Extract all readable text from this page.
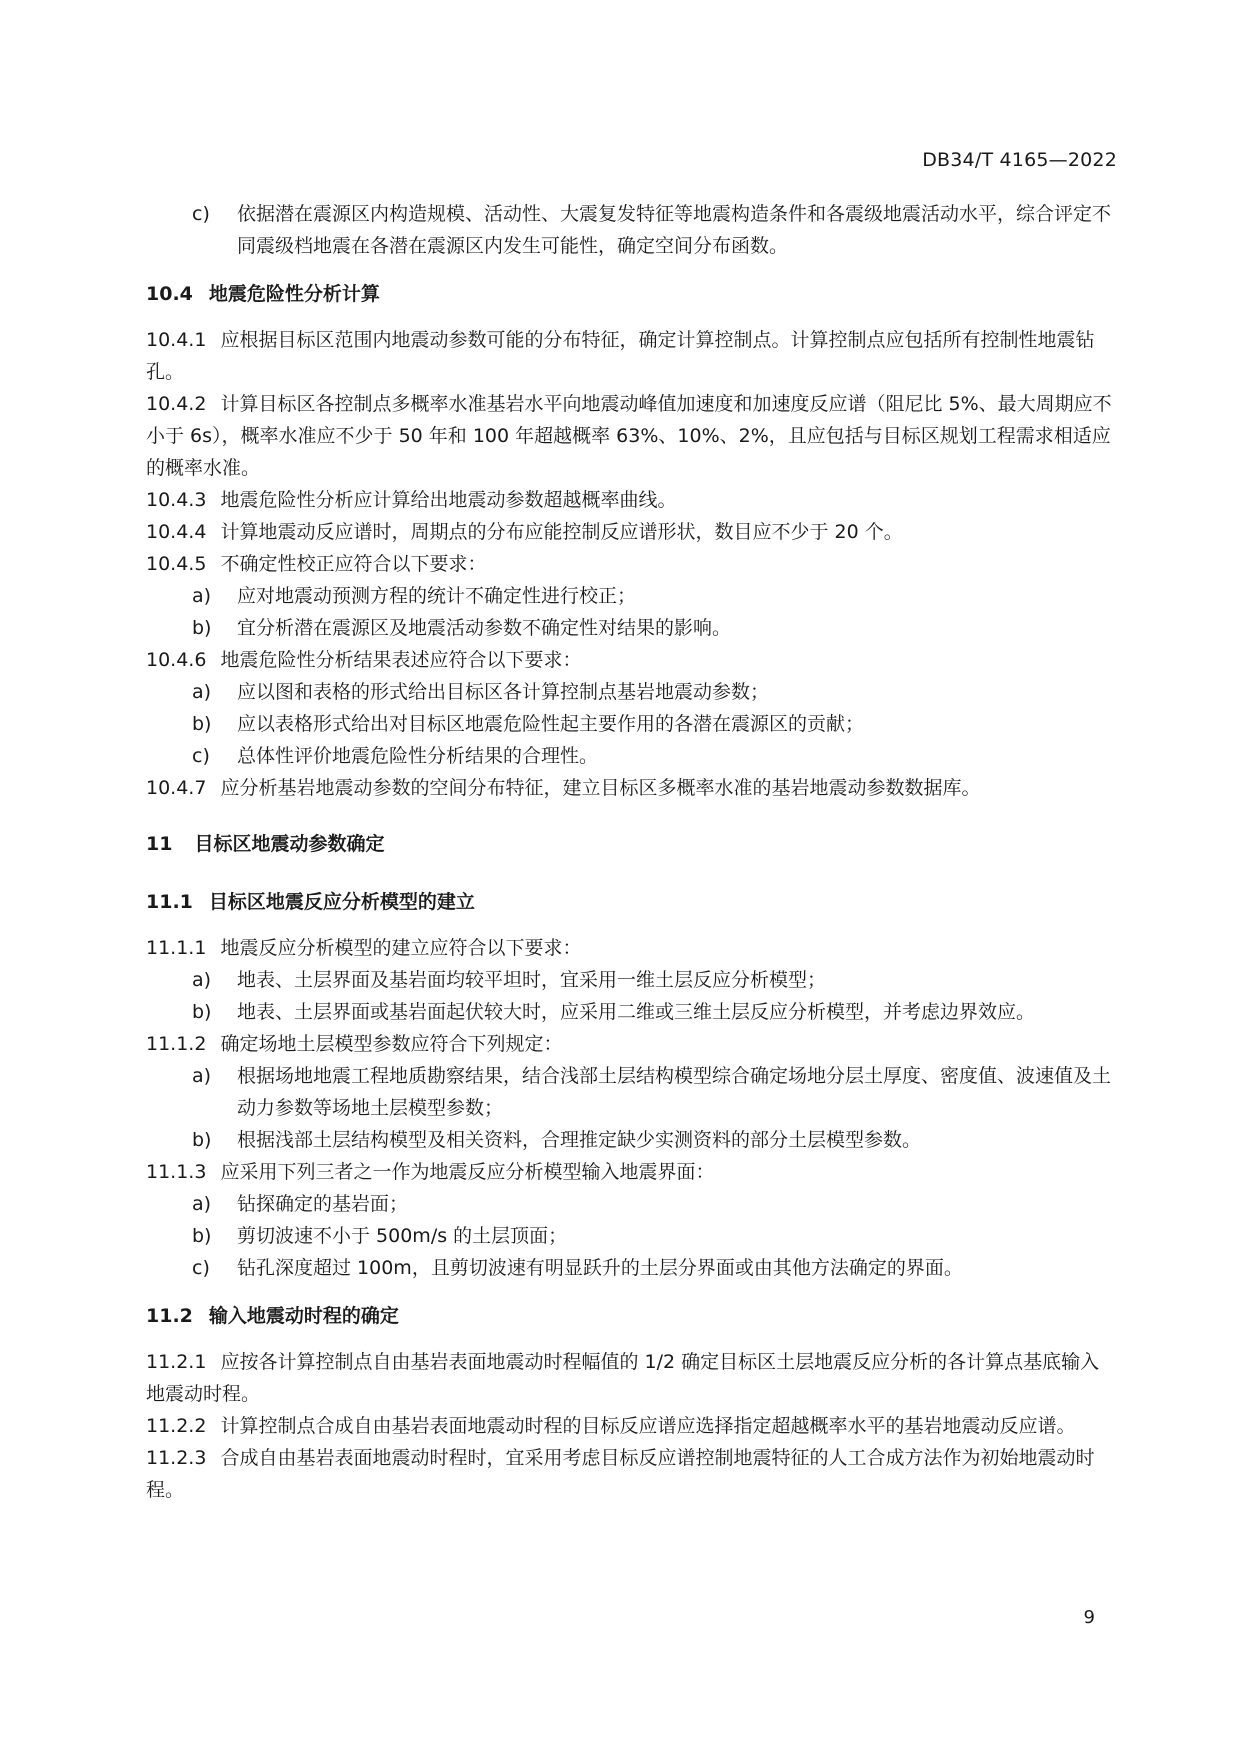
DB34/T 4165—2022
c) 依据潜在震源区内构造规模、活动性、大震复发特征等地震构造条件和各震级地震活动水平，综合评定不同震级档地震在各潜在震源区内发生可能性，确定空间分布函数。
10.4 地震危险性分析计算
10.4.1 应根据目标区范围内地震动参数可能的分布特征，确定计算控制点。计算控制点应包括所有控制性地震钻孔。
10.4.2 计算目标区各控制点多概率水准基岩水平向地震动峰值加速度和加速度反应谱（阻尼比 5%、最大周期应不小于 6s），概率水准应不少于 50 年和 100 年超越概率 63%、10%、2%，且应包括与目标区规划工程需求相适应的概率水准。
10.4.3 地震危险性分析应计算给出地震动参数超越概率曲线。
10.4.4 计算地震动反应谱时，周期点的分布应能控制反应谱形状，数目应不少于 20 个。
10.4.5 不确定性校正应符合以下要求：
a) 应对地震动预测方程的统计不确定性进行校正；
b) 宜分析潜在震源区及地震活动参数不确定性对结果的影响。
10.4.6 地震危险性分析结果表述应符合以下要求：
a) 应以图和表格的形式给出目标区各计算控制点基岩地震动参数；
b) 应以表格形式给出对目标区地震危险性起主要作用的各潜在震源区的贡献；
c) 总体性评价地震危险性分析结果的合理性。
10.4.7 应分析基岩地震动参数的空间分布特征，建立目标区多概率水准的基岩地震动参数数据库。
11 目标区地震动参数确定
11.1 目标区地震反应分析模型的建立
11.1.1 地震反应分析模型的建立应符合以下要求：
a) 地表、土层界面及基岩面均较平坦时，宜采用一维土层反应分析模型；
b) 地表、土层界面或基岩面起伏较大时，应采用二维或三维土层反应分析模型，并考虑边界效应。
11.1.2 确定场地土层模型参数应符合下列规定：
a) 根据场地地震工程地质勘察结果，结合浅部土层结构模型综合确定场地分层土厚度、密度值、波速值及土动力参数等场地土层模型参数；
b) 根据浅部土层结构模型及相关资料，合理推定缺少实测资料的部分土层模型参数。
11.1.3 应采用下列三者之一作为地震反应分析模型输入地震界面：
a) 钻探确定的基岩面；
b) 剪切波速不小于 500m/s 的土层顶面；
c) 钻孔深度超过 100m，且剪切波速有明显跃升的土层分界面或由其他方法确定的界面。
11.2 输入地震动时程的确定
11.2.1 应按各计算控制点自由基岩表面地震动时程幅值的 1/2 确定目标区土层地震反应分析的各计算点基底输入地震动时程。
11.2.2 计算控制点合成自由基岩表面地震动时程的目标反应谱应选择指定超越概率水平的基岩地震动反应谱。
11.2.3 合成自由基岩表面地震动时程时，宜采用考虑目标反应谱控制地震特征的人工合成方法作为初始地震动时程。
9
